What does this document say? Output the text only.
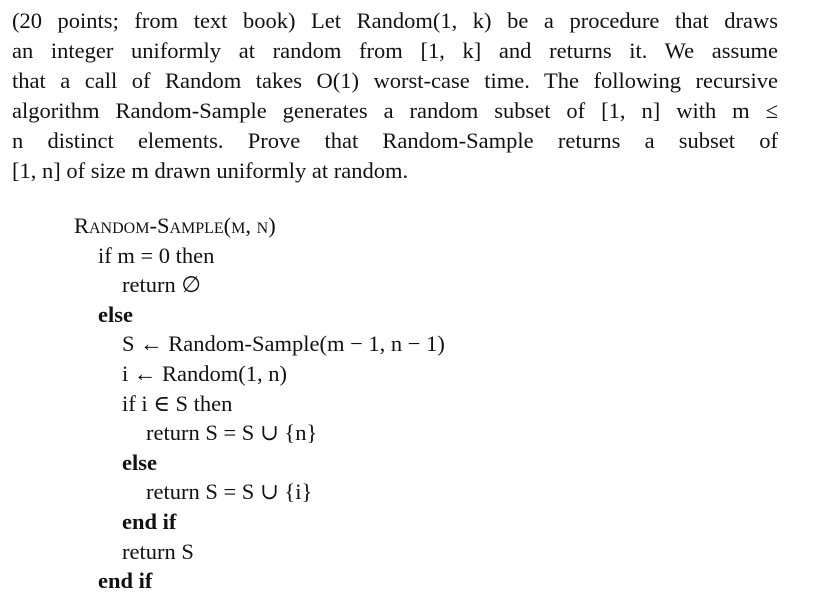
(20 points; from text book) Let Random(1, k) be a procedure that draws
an integer uniformly at random from [1, k] and returns it. We assume
that a call of Random takes O(1) worst-case time. The following recursive
algorithm Random-Sample generates a random subset of [1, n] with m ≤
n distinct elements. Prove that Random-Sample returns a subset of
[1, n] of size m drawn uniformly at random.
Random-Sample(m, n)
if m = 0 then
return ∅
else
S ← Random-Sample(m − 1, n − 1)
i ← Random(1, n)
if i ∈ S then
return S = S ∪ {n}
else
return S = S ∪ {i}
end if
return S
end if
